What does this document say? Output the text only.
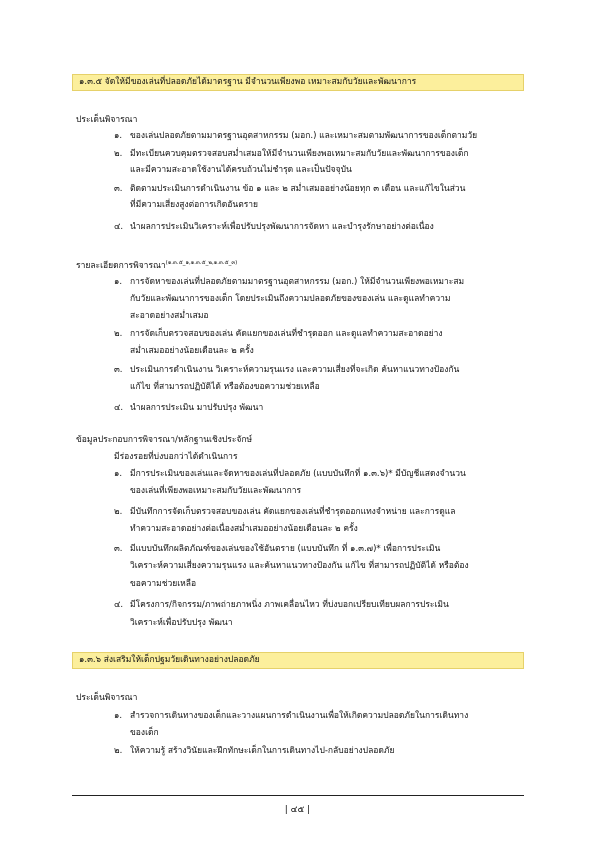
๑.๓.๕ จัดให้มีของเล่นที่ปลอดภัยได้มาตรฐาน มีจำนวนเพียงพอ เหมาะสมกับวัยและพัฒนาการ
ประเด็นพิจารณา
๑. ของเล่นปลอดภัยตามมาตรฐานอุตสาหกรรม (มอก.) และเหมาะสมตามพัฒนาการของเด็กตามวัย
๒. มีทะเบียนควบคุมตรวจสอบสม่ำเสมอให้มีจำนวนเพียงพอเหมาะสมกับวัยและพัฒนาการของเด็ก
และมีความสะอาดใช้งานได้ครบถ้วนไม่ชำรุด และเป็นปัจจุบัน
๓. ติดตามประเมินการดำเนินงาน ข้อ ๑ และ ๒ สม่ำเสมออย่างน้อยทุก ๓ เดือน และแก้ไขในส่วน
ที่มีความเสี่ยงสูงต่อการเกิดอันตราย
๔. นำผลการประเมินวิเคราะห์เพื่อปรับปรุงพัฒนาการจัดหา และบำรุงรักษาอย่างต่อเนื่อง
รายละเอียดการพิจารณา$^{(๑.๓.๕\_๑,๑.๓.๕\_๒,๑.๓.๕\_๓)}$
๑. การจัดหาของเล่นที่ปลอดภัยตามมาตรฐานอุตสาหกรรม (มอก.) ให้มีจำนวนเพียงพอเหมาะสม
กับวัยและพัฒนาการของเด็ก โดยประเมินถึงความปลอดภัยของของเล่น และดูแลทำความ
สะอาดอย่างสม่ำเสมอ
๒. การจัดเก็บตรวจสอบของเล่น คัดแยกของเล่นที่ชำรุดออก และดูแลทำความสะอาดอย่าง
สม่ำเสมออย่างน้อยเดือนละ ๒ ครั้ง
๓. ประเมินการดำเนินงาน วิเคราะห์ความรุนแรง และความเสี่ยงที่จะเกิด ค้นหาแนวทางป้องกัน
แก้ไข ที่สามารถปฏิบัติได้ หรือต้องขอความช่วยเหลือ
๔. นำผลการประเมิน มาปรับปรุง พัฒนา
ข้อมูลประกอบการพิจารณา/หลักฐานเชิงประจักษ์
มีร่องรอยที่บ่งบอกว่าได้ดำเนินการ
๑. มีการประเมินของเล่นและจัดหาของเล่นที่ปลอดภัย (แบบบันทึกที่ ๑.๓.๖)* มีบัญชีแสดงจำนวน
ของเล่นที่เพียงพอเหมาะสมกับวัยและพัฒนาการ
๒. มีบันทึกการจัดเก็บตรวจสอบของเล่น คัดแยกของเล่นที่ชำรุดออกแทงจำหน่าย และการดูแล
ทำความสะอาดอย่างต่อเนื่องสม่ำเสมออย่างน้อยเดือนละ ๒ ครั้ง
๓. มีแบบบันทึกผลิตภัณฑ์ของเล่นของใช้อันตราย (แบบบันทึก ที่ ๑.๓.๗)* เพื่อการประเมิน
วิเคราะห์ความเสี่ยงความรุนแรง และค้นหาแนวทางป้องกัน แก้ไข ที่สามารถปฏิบัติได้ หรือต้อง
ขอความช่วยเหลือ
๔. มีโครงการ/กิจกรรม/ภาพถ่ายภาพนิ่ง ภาพเคลื่อนไหว ที่บ่งบอกเปรียบเทียบผลการประเมิน
วิเคราะห์เพื่อปรับปรุง พัฒนา
๑.๓.๖ ส่งเสริมให้เด็กปฐมวัยเดินทางอย่างปลอดภัย
ประเด็นพิจารณา
๑. สำรวจการเดินทางของเด็กและวางแผนการดำเนินงานเพื่อให้เกิดความปลอดภัยในการเดินทาง
ของเด็ก
๒. ให้ความรู้ สร้างวินัยและฝึกทักษะเด็กในการเดินทางไป-กลับอย่างปลอดภัย
| ๔๕ |
